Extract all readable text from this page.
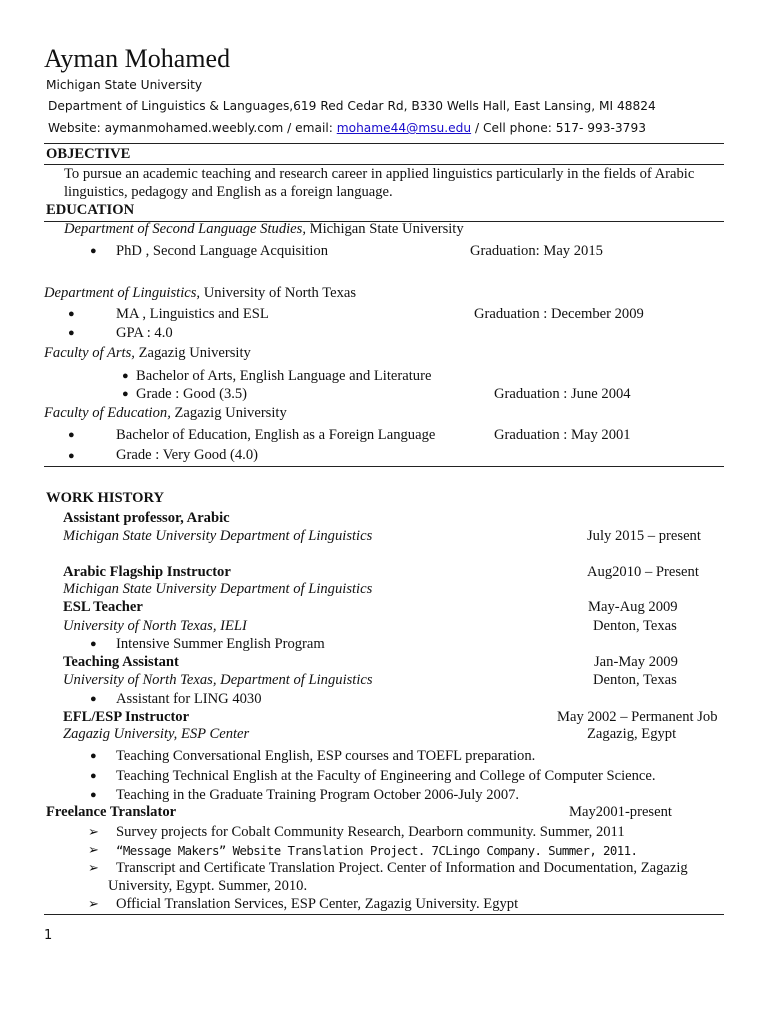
Ayman Mohamed
Michigan State University
Department of Linguistics & Languages,619 Red Cedar Rd, B330 Wells Hall, East Lansing, MI 48824
Website: aymanmohamed.weebly.com / email: mohame44@msu.edu / Cell phone: 517- 993-3793
OBJECTIVE
To pursue an academic teaching and research career in applied linguistics particularly in the fields of Arabic
linguistics, pedagogy and English as a foreign language.
EDUCATION
Department of Second Language Studies, Michigan State University
● PhD , Second Language Acquisition	Graduation: May 2015
Department of Linguistics, University of North Texas
●	MA , Linguistics and ESL	Graduation : December 2009
●	GPA : 4.0
Faculty of Arts, Zagazig University
● Bachelor of Arts, English Language and Literature
● Grade : Good (3.5)	Graduation : June 2004
Faculty of Education, Zagazig University
●	Bachelor of Education, English as a Foreign Language	Graduation : May 2001
●	Grade : Very Good (4.0)
WORK HISTORY
Assistant professor, Arabic
Michigan State University Department of Linguistics	July 2015 – present
Arabic Flagship Instructor	Aug2010 – Present
Michigan State University Department of Linguistics
ESL Teacher	May-Aug 2009
University of North Texas, IELI	Denton, Texas
● Intensive Summer English Program
Teaching Assistant	Jan-May 2009
University of North Texas, Department of Linguistics	Denton, Texas
● Assistant for LING 4030
EFL/ESP Instructor	May 2002 – Permanent Job
Zagazig University, ESP Center	Zagazig, Egypt
● Teaching Conversational English, ESP courses and TOEFL preparation.
● Teaching Technical English at the Faculty of Engineering and College of Computer Science.
● Teaching in the Graduate Training Program October 2006-July 2007.
Freelance Translator	May2001-present
➢ Survey projects for Cobalt Community Research, Dearborn community. Summer, 2011
➢ “Message Makers” Website Translation Project. 7CLingo Company. Summer, 2011.
➢ Transcript and Certificate Translation Project. Center of Information and Documentation, Zagazig
University, Egypt. Summer, 2010.
➢ Official Translation Services, ESP Center, Zagazig University. Egypt
1
